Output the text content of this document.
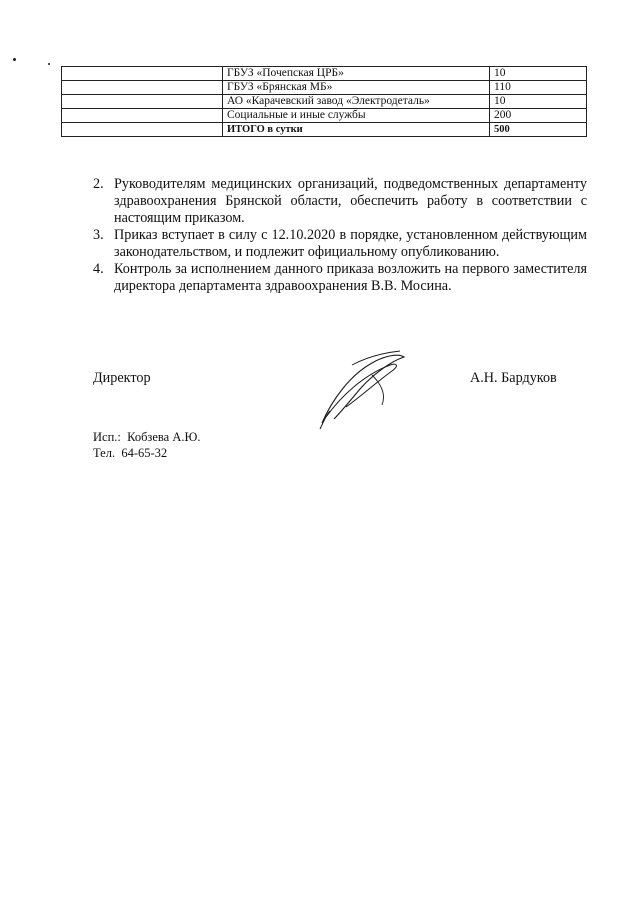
	ГБУЗ «Почепская ЦРБ»	10
	ГБУЗ «Брянская МБ»	110
	АО «Карачевский завод «Электродеталь»	10
	Социальные и иные службы	200
	ИТОГО в сутки	500
2. Руководителям медицинских организаций, подведомственных департаменту здравоохранения Брянской области, обеспечить работу в соответствии с настоящим приказом.
3. Приказ вступает в силу с 12.10.2020 в порядке, установленном действующим законодательством, и подлежит официальному опубликованию.
4. Контроль за исполнением данного приказа возложить на первого заместителя директора департамента здравоохранения В.В. Мосина.
Директор	А.Н. Бардуков
Исп.:  Кобзева А.Ю.
Тел.  64-65-32
